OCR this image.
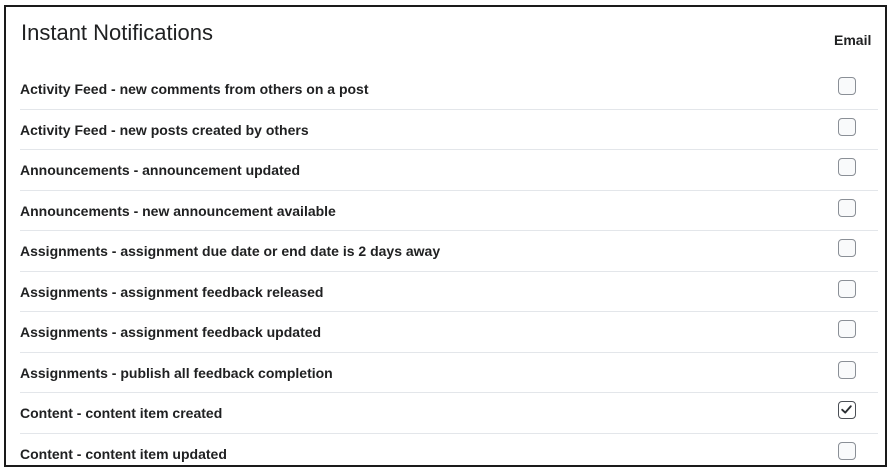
Instant Notifications	Email
Activity Feed - new comments from others on a post
Activity Feed - new posts created by others
Announcements - announcement updated
Announcements - new announcement available
Assignments - assignment due date or end date is 2 days away
Assignments - assignment feedback released
Assignments - assignment feedback updated
Assignments - publish all feedback completion
Content - content item created
Content - content item updated
